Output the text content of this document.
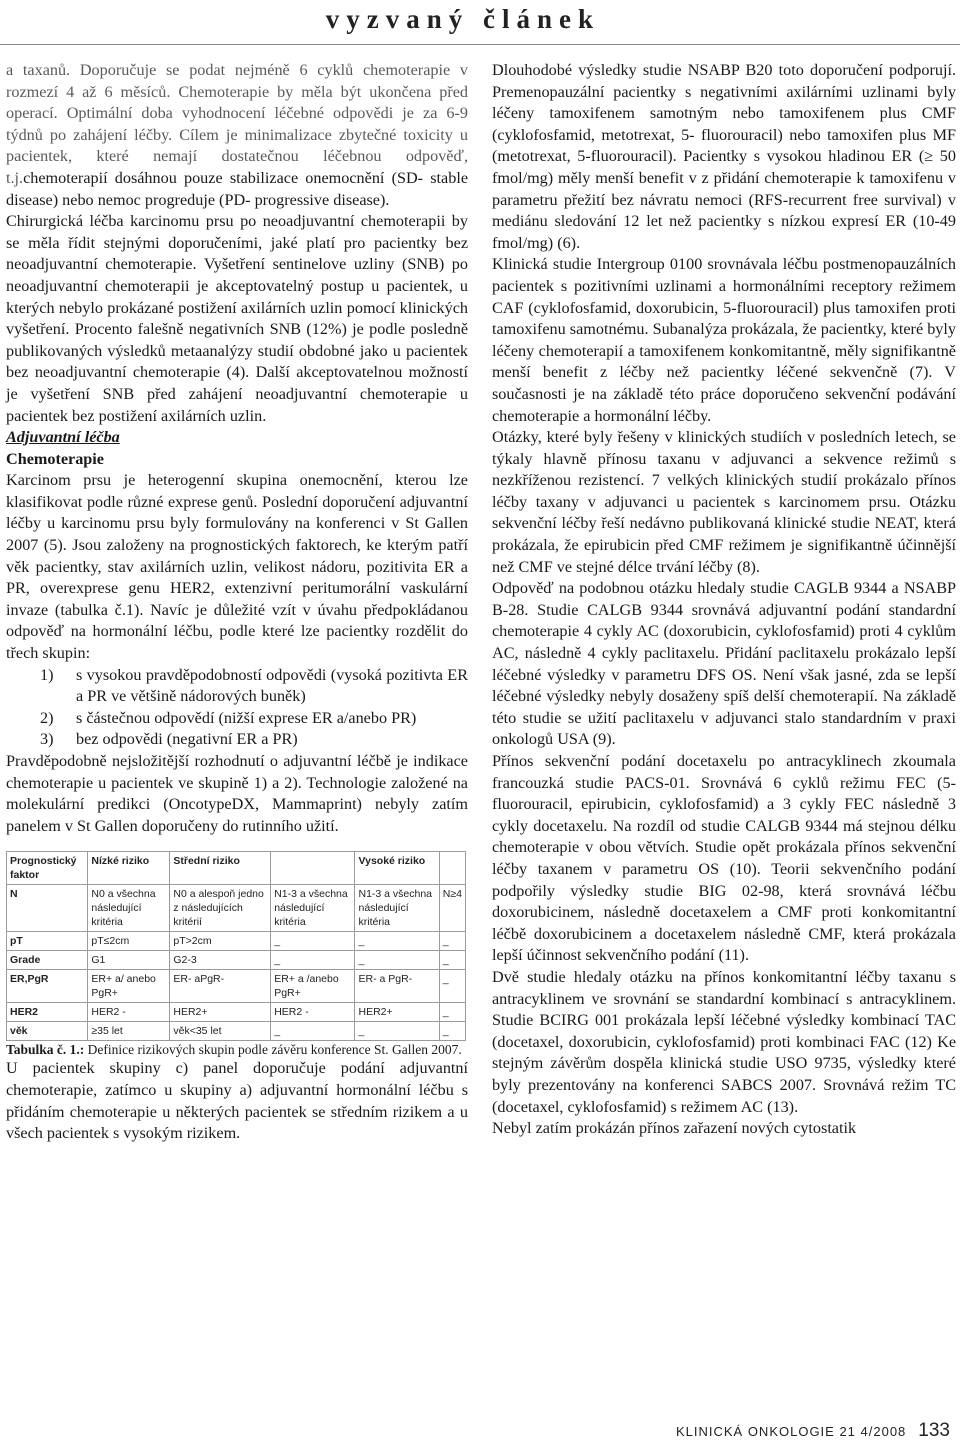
vyzvaný článek

a taxanů. Doporučuje se podat nejméně 6 cyklů chemoterapie v rozmezí 4 až 6 měsíců. Chemoterapie by měla být ukončena před operací. Optimální doba vyhodnocení léčebné odpovědi je za 6-9 týdnů po zahájení léčby. Cílem je minimalizace zbytečné toxicity u pacientek, které nemají dostatečnou léčebnou odpověď, t.j.chemoterapií dosáhnou pouze stabilizace onemocnění (SD- stable disease) nebo nemoc progreduje (PD- progressive disease).

Chirurgická léčba karcinomu prsu po neoadjuvantní chemoterapii by se měla řídit stejnými doporučeními, jaké platí pro pacientky bez neoadjuvantní chemoterapie. Vyšetření sentinelove uzliny (SNB) po neoadjuvantní chemoterapii je akceptovatelný postup u pacientek, u kterých nebylo prokázané postižení axilárních uzlin pomocí klinických vyšetření. Procento falešně negativních SNB (12%) je podle posledně publikovaných výsledků metaanalýzy studií obdobné jako u pacientek bez neoadjuvantní chemoterapie (4). Další akceptovatelnou možností je vyšetření SNB před zahájení neoadjuvantní chemoterapie u pacientek bez postižení axilárních uzlin.

Adjuvantní léčba

Chemoterapie

Karcinom prsu je heterogenní skupina onemocnění, kterou lze klasifikovat podle různé exprese genů. Poslední doporučení adjuvantní léčby u karcinomu prsu byly formulovány na konferenci v St Gallen 2007 (5). Jsou založeny na prognostických faktorech, ke kterým patří věk pacientky, stav axilárních uzlin, velikost nádoru, pozitivita ER a PR, overexprese genu HER2, extenzivní peritumorální vaskulární invaze (tabulka č.1). Navíc je důležité vzít v úvahu předpokládanou odpověď na hormonální léčbu, podle které lze pacientky rozdělit do třech skupin:

1)	s vysokou pravděpodobností odpovědi (vysoká pozitivta ER a PR ve většině nádorových buněk)
2)	s částečnou odpovědí (nižší exprese ER a/anebo PR)
3)	bez odpovědi (negativní ER a PR)

Pravděpodobně nejsložitější rozhodnutí o adjuvantní léčbě je indikace chemoterapie u pacientek ve skupině 1) a 2). Technologie založené na molekulární predikci (OncotypeDX, Mammaprint) nebyly zatím panelem v St Gallen doporučeny do rutinního užití.

Prognostický faktor	Nízké riziko	Střední riziko		Vysoké riziko	
N	N0 a všechna následující kritéria	N0 a alespoň jedno z následujících kritérií	N1-3 a všechna následující kritéria	N1-3 a všechna následující kritéria	N≥4
pT	pT≤2cm	pT>2cm	_	_	_
Grade	G1	G2-3	_	_	_
ER,PgR	ER+ a/ anebo PgR+	ER- aPgR-	ER+ a /anebo PgR+	ER- a PgR-	_
HER2	HER2 -	HER2+	HER2 -	HER2+	_
věk	≥35 let	věk<35 let	_	_	_

Tabulka č. 1.: Definice rizikových skupin podle závěru konference St. Gallen 2007.

U pacientek skupiny c) panel doporučuje podání adjuvantní chemoterapie, zatímco u skupiny a) adjuvantní hormonální léčbu s přidáním chemoterapie u některých pacientek se středním rizikem a u všech pacientek s vysokým rizikem.

Dlouhodobé výsledky studie NSABP B20 toto doporučení podporují. Premenopauzální pacientky s negativními axilárními uzlinami byly léčeny tamoxifenem samotným nebo tamoxifenem plus CMF (cyklofosfamid, metotrexat, 5- fluorouracil) nebo tamoxifen plus MF (metotrexat, 5-fluorouracil). Pacientky s vysokou hladinou ER (≥ 50 fmol/mg) měly menší benefit v z přidání chemoterapie k tamoxifenu v parametru přežití bez návratu nemoci (RFS-recurrent free survival) v mediánu sledování 12 let než pacientky s nízkou expresí ER (10-49 fmol/mg) (6).

Klinická studie Intergroup 0100 srovnávala léčbu postmenopauzálních pacientek s pozitivními uzlinami a hormonálními receptory režimem CAF (cyklofosfamid, doxorubicin, 5-fluorouracil) plus tamoxifen proti tamoxifenu samotnému. Subanalýza prokázala, že pacientky, které byly léčeny chemoterapií a tamoxifenem konkomitantně, měly signifikantně menší benefit z léčby než pacientky léčené sekvenčně (7). V současnosti je na základě této práce doporučeno sekvenční podávání chemoterapie a hormonální léčby.

Otázky, které byly řešeny v klinických studiích v posledních letech, se týkaly hlavně přínosu taxanu v adjuvanci a sekvence režimů s nezkříženou rezistencí. 7 velkých klinických studií prokázalo přínos léčby taxany v adjuvanci u pacientek s karcinomem prsu. Otázku sekvenční léčby řeší nedávno publikovaná klinické studie NEAT, která prokázala, že epirubicin před CMF režimem je signifikantně účinnější než CMF ve stejné délce trvání léčby (8).

Odpověď na podobnou otázku hledaly studie CAGLB 9344 a NSABP B-28. Studie CALGB 9344 srovnává adjuvantní podání standardní chemoterapie 4 cykly AC (doxorubicin, cyklofosfamid) proti 4 cyklům AC, následně 4 cykly paclitaxelu. Přidání paclitaxelu prokázalo lepší léčebné výsledky v parametru DFS OS. Není však jasné, zda se lepší léčebné výsledky nebyly dosaženy spíš delší chemoterapií. Na základě této studie se užití paclitaxelu v adjuvanci stalo standardním v praxi onkologů USA (9).

Přínos sekvenční podání docetaxelu po antracyklinech zkoumala francouzká studie PACS-01. Srovnává 6 cyklů režimu FEC (5-fluorouracil, epirubicin, cyklofosfamid) a 3 cykly FEC následně 3 cykly docetaxelu. Na rozdíl od studie CALGB 9344 má stejnou délku chemoterapie v obou větvích. Studie opět prokázala přínos sekvenční léčby taxanem v parametru OS (10). Teorii sekvenčního podání podpořily výsledky studie BIG 02-98, která srovnává léčbu doxorubicinem, následně docetaxelem a CMF proti konkomitantní léčbě doxorubicinem a docetaxelem následně CMF, která prokázala lepší účinnost sekvenčního podání (11).

Dvě studie hledaly otázku na přínos konkomitantní léčby taxanu s antracyklinem ve srovnání se standardní kombinací s antracyklinem. Studie BCIRG 001 prokázala lepší léčebné výsledky kombinací TAC (docetaxel, doxorubicin, cyklofosfamid) proti kombinaci FAC (12) Ke stejným závěrům dospěla klinická studie USO 9735, výsledky které byly prezentovány na konferenci SABCS 2007. Srovnává režim TC (docetaxel, cyklofosfamid) s režimem AC (13).

Nebyl zatím prokázán přínos zařazení nových cytostatik

KLINICKÁ ONKOLOGIE 21 4/2008 133
